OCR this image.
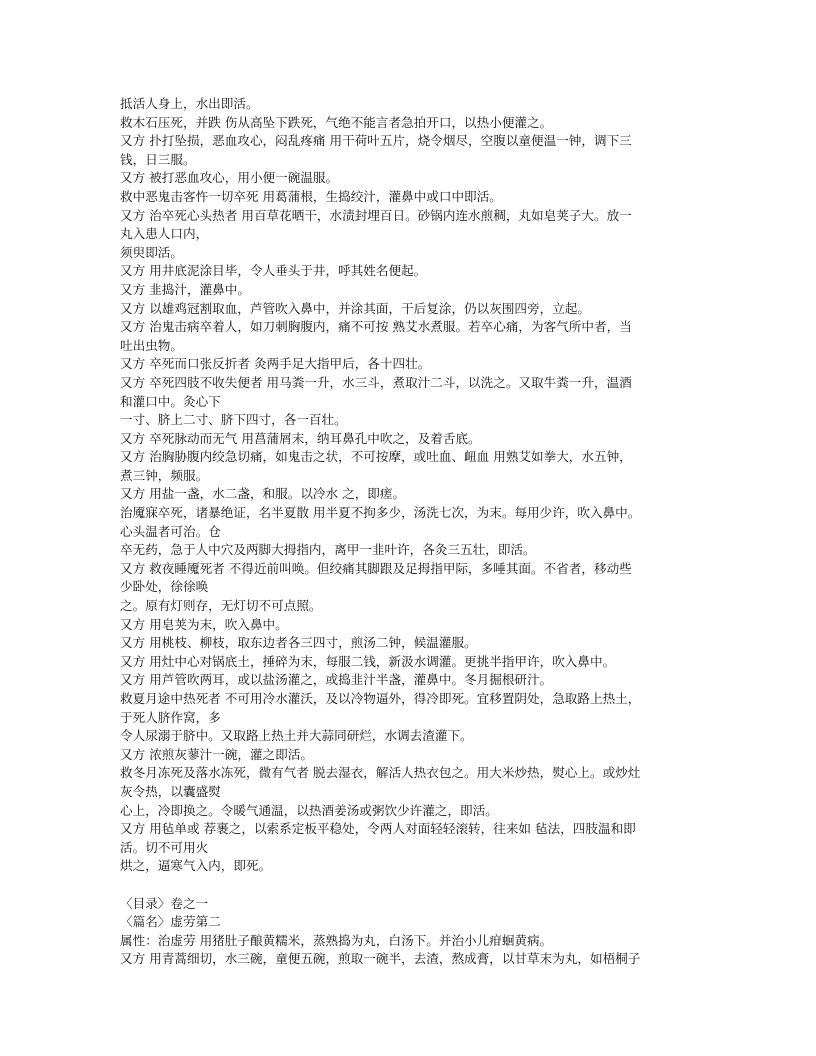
抵活人身上，水出即活。
救木石压死，并跌 伤从高坠下跌死，气绝不能言者急拍开口，以热小便灌之。
又方 扑打坠损，恶血攻心，闷乱疼痛 用干荷叶五片，烧令烟尽，空腹以童便温一钟，调下三
钱，日三服。
又方 被打恶血攻心，用小便一碗温服。
救中恶鬼击客忤一切卒死 用葛蒲根，生捣绞汁，灌鼻中或口中即活。
又方 治卒死心头热者 用百草花晒干，水渍封埋百日。砂锅内连水煎稠，丸如皂荚子大。放一
丸入患人口内，
须臾即活。
又方 用井底泥涂目毕，令人垂头于井，呼其姓名便起。
又方 韭捣汁，灌鼻中。
又方 以雄鸡冠割取血，芦管吹入鼻中，并涂其面，干后复涂，仍以灰围四旁，立起。
又方 治鬼击病卒着人，如刀刺胸腹内，痛不可按 熟艾水煮服。若卒心痛，为客气所中者，当
吐出虫物。
又方 卒死而口张反折者 灸两手足大指甲后，各十四壮。
又方 卒死四肢不收失便者 用马粪一升，水三斗，煮取汁二斗，以洗之。又取牛粪一升，温酒
和灌口中。灸心下
一寸、脐上二寸、脐下四寸，各一百壮。
又方 卒死脉动而无气 用菖蒲屑末，纳耳鼻孔中吹之，及着舌底。
又方 治胸胁腹内绞急切痛，如鬼击之状，不可按摩，或吐血、衄血 用熟艾如拳大，水五钟，
煮三钟，频服。
又方 用盐一盏，水二盏，和服。以冷水 之，即瘥。
治魇寐卒死，诸暴绝证，名半夏散 用半夏不拘多少，汤洗七次，为末。每用少许，吹入鼻中。
心头温者可治。仓
卒无药，急于人中穴及两脚大拇指内，离甲一韭叶许，各灸三五壮，即活。
又方 救夜睡魇死者 不得近前叫唤。但绞痛其脚跟及足拇指甲际，多唾其面。不省者，移动些
少卧处，徐徐唤
之。原有灯则存，无灯切不可点照。
又方 用皂荚为末，吹入鼻中。
又方 用桃枝、柳枝，取东边者各三四寸，煎汤二钟，候温灌服。
又方 用灶中心对锅底土，捶碎为末，每服二钱，新汲水调灌。更挑半指甲许，吹入鼻中。
又方 用芦管吹两耳，或以盐汤灌之，或捣韭汁半盏，灌鼻中。冬月掘根研汁。
救夏月途中热死者 不可用冷水灌沃，及以冷物逼外，得冷即死。宜移置阴处，急取路上热土，
于死人脐作窝，多
令人尿溺于脐中。又取路上热土并大蒜同研烂，水调去渣灌下。
又方 浓煎灰蓼汁一碗，灌之即活。
救冬月冻死及落水冻死，微有气者 脱去湿衣，解活人热衣包之。用大米炒热，熨心上。或炒灶
灰令热，以囊盛熨
心上，冷即换之。令暖气通温，以热酒姜汤或粥饮少许灌之，即活。
又方 用毡单或 荐裹之，以索系定板平稳处，令两人对面轻轻滚转，往来如 毡法，四肢温和即
活。切不可用火
烘之，逼寒气入内，即死。
〈目录〉卷之一
〈篇名〉虚劳第二
属性：治虚劳 用猪肚子酿黄糯米，蒸熟捣为丸，白汤下。并治小儿疳蛔黄病。
又方 用青蒿细切，水三碗，童便五碗，煎取一碗半，去渣，熬成膏，以甘草末为丸，如梧桐子
